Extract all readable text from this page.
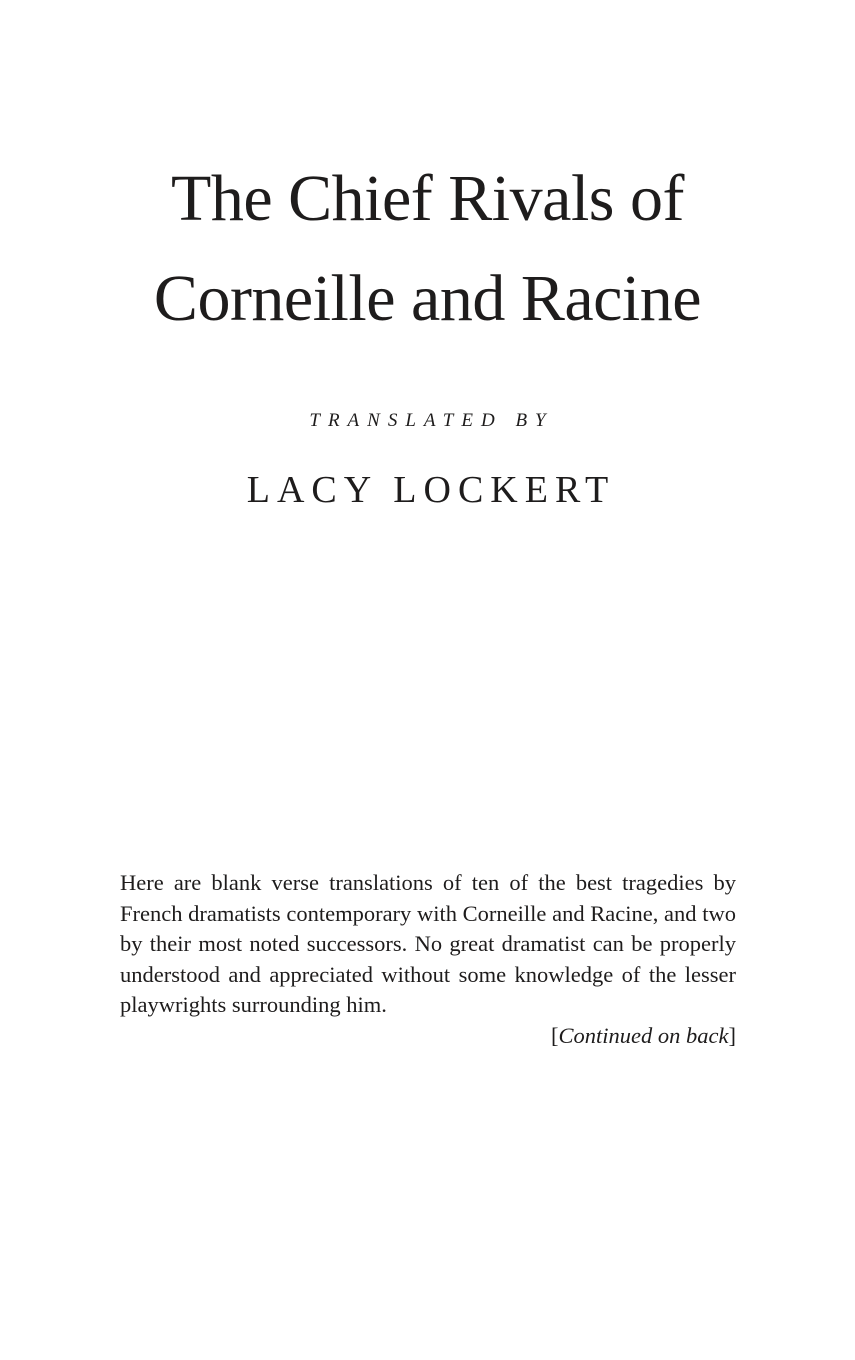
The Chief Rivals of
Corneille and Racine
TRANSLATED BY
LACY LOCKERT

Here are blank verse translations of ten of the best tragedies by French dramatists contemporary with Corneille and Racine, and two by their most noted successors. No great dramatist can be properly understood and appreciated without some knowledge of the lesser playwrights surrounding him.

[Continued on back]
